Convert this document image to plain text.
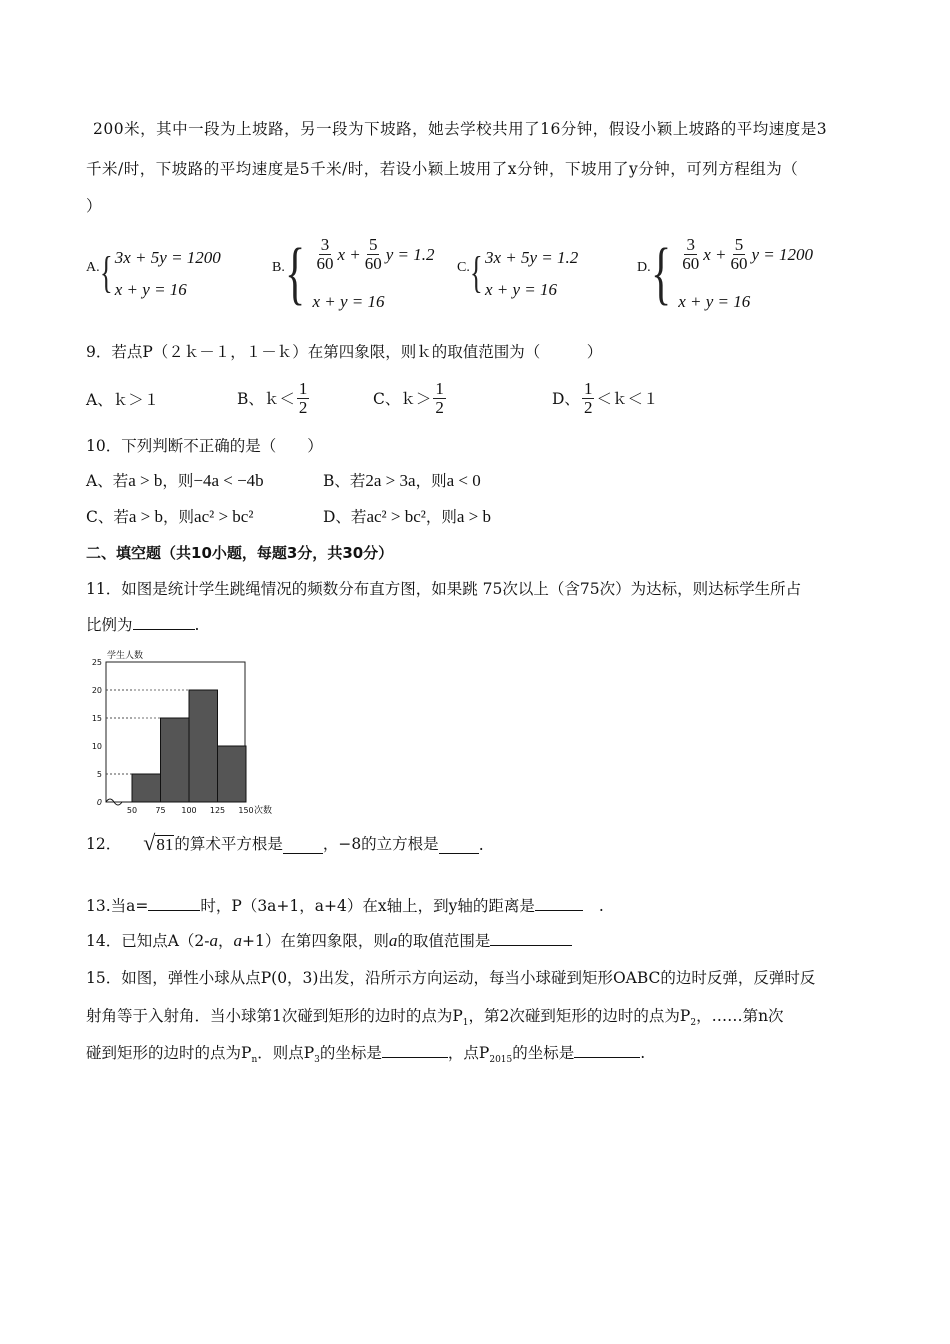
200米，其中一段为上坡路，另一段为下坡路，她去学校共用了16分钟，假设小颖上坡路的平均速度是3
千米/时，下坡路的平均速度是5千米/时，若设小颖上坡用了x分钟，下坡用了y分钟，可列方程组为（
）
A. { 3x + 5y = 1200
x + y = 16
B. { $\frac{3}{60}$ $x + \frac{5}{60}$ y = 1.2
x + y = 16
C. { 3x + 5y = 1.2
x + y = 16
D. { $\frac{3}{60}$ $x + \frac{5}{60}$ y = 1200
x + y = 16
9．若点P（２ｋ－１，１－ｋ）在第四象限，则ｋ的取值范围为（　　　）
A、ｋ＞１	B、ｋ＜ $\frac{1}{2}$	C、ｋ＞ $\frac{1}{2}$	D、 $\frac{1}{2}$ ＜ｋ＜１
10．下列判断不正确的是（　　）
A、若a > b，则−4a < −4b	B、若2a > 3a，则a < 0
C、若a > b，则ac² > bc²	D、若ac² > bc²，则a > b
二、填空题（共10小题，每题3分，共30分）
11．如图是统计学生跳绳情况的频数分布直方图，如果跳 75次以上（含75次）为达标，则达标学生所占
比例为	.
0
5
10
15
20
25
50 75 100 125 150
学生人数
次数
12． √ 81 的算术平方根是	，−8的立方根是	.
13.当a=	时，P（3a+1，a+4）在x轴上，到y轴的距离是	.
14．已知点A（2-a，a+1）在第四象限，则a的取值范围是
15．如图，弹性小球从点P(0，3)出发，沿所示方向运动，每当小球碰到矩形OABC的边时反弹，反弹时反
射角等于入射角．当小球第1次碰到矩形的边时的点为$P_1$，第2次碰到矩形的边时的点为$P_2$，……第n次
碰到矩形的边时的点为$P_n$．则点$P_3$的坐标是	，点$P_{2015}$的坐标是	.
